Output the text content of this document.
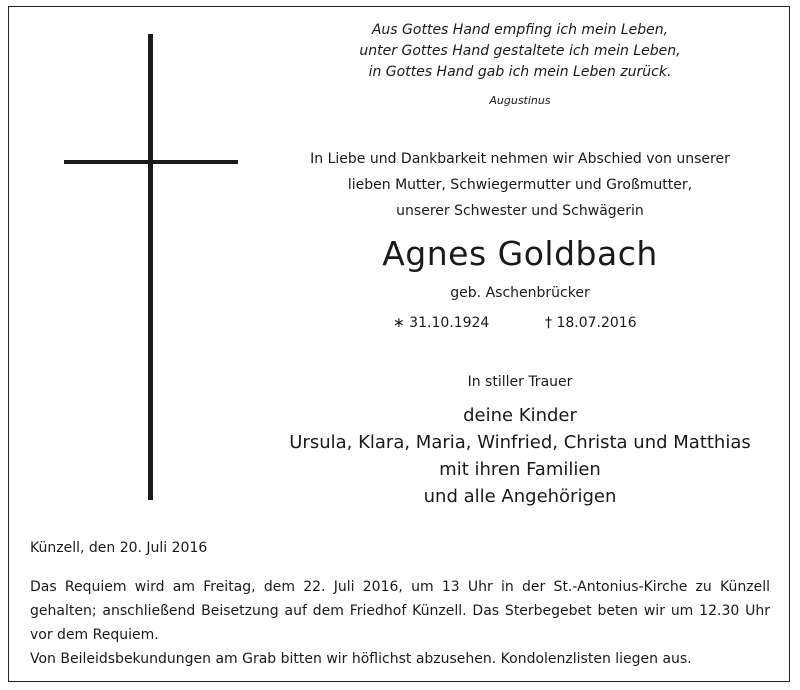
Aus Gottes Hand empfing ich mein Leben,
unter Gottes Hand gestaltete ich mein Leben,
in Gottes Hand gab ich mein Leben zurück.
Augustinus
In Liebe und Dankbarkeit nehmen wir Abschied von unserer
lieben Mutter, Schwiegermutter und Großmutter,
unserer Schwester und Schwägerin
Agnes Goldbach
geb. Aschenbrücker
∗ 31.10.1924	† 18.07.2016
In stiller Trauer
deine Kinder
Ursula, Klara, Maria, Winfried, Christa und Matthias
mit ihren Familien
und alle Angehörigen
Künzell, den 20. Juli 2016
Das Requiem wird am Freitag, dem 22. Juli 2016, um 13 Uhr in der St.-Antonius-Kirche zu Künzell gehalten; anschließend Beisetzung auf dem Friedhof Künzell. Das Sterbegebet beten wir um 12.30 Uhr vor dem Requiem.
Von Beileidsbekundungen am Grab bitten wir höflichst abzusehen. Kondolenzlisten liegen aus.
